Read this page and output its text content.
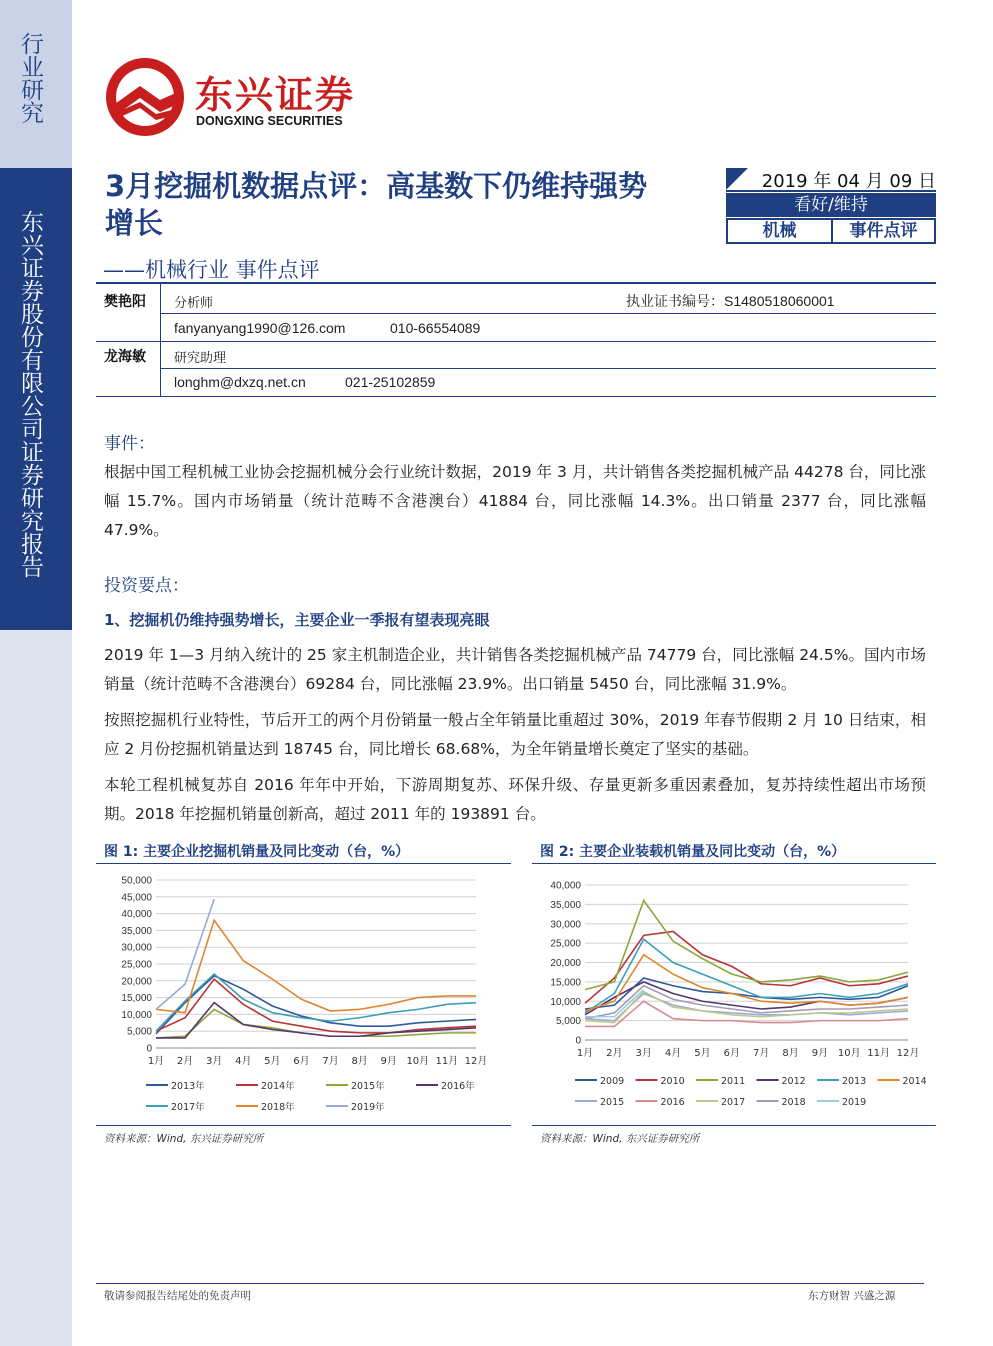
行业研究
东兴证券股份有限公司证券研究报告
东兴证券
DONGXING SECURITIES
3月挖掘机数据点评：高基数下仍维持强势增长
——机械行业 事件点评
2019 年 04 月 09 日
看好/维持
机械	事件点评
樊艳阳 分析师	执业证书编号：S1480518060001
fanyanyang1990@126.com	010-66554089
龙海敏 研究助理
longhm@dxzq.net.cn	021-25102859
事件：
根据中国工程机械工业协会挖掘机械分会行业统计数据，2019 年 3 月，共计销售各类挖掘机械产品 44278 台，同比涨幅 15.7%。国内市场销量（统计范畴不含港澳台）41884 台，同比涨幅 14.3%。出口销量 2377 台，同比涨幅 47.9%。
投资要点：
1、挖掘机仍维持强势增长，主要企业一季报有望表现亮眼
2019 年 1—3 月纳入统计的 25 家主机制造企业，共计销售各类挖掘机械产品 74779 台，同比涨幅 24.5%。国内市场销量（统计范畴不含港澳台）69284 台，同比涨幅 23.9%。出口销量 5450 台，同比涨幅 31.9%。
按照挖掘机行业特性，节后开工的两个月份销量一般占全年销量比重超过 30%，2019 年春节假期 2 月 10 日结束，相应 2 月份挖掘机销量达到 18745 台，同比增长 68.68%，为全年销量增长奠定了坚实的基础。
本轮工程机械复苏自 2016 年年中开始，下游周期复苏、环保升级、存量更新多重因素叠加，复苏持续性超出市场预期。2018 年挖掘机销量创新高，超过 2011 年的 193891 台。
图 1: 主要企业挖掘机销量及同比变动（台，%）	图 2: 主要企业装载机销量及同比变动（台，%）
0
5,000
10,000
15,000
20,000
25,000
30,000
35,000
40,000
45,000
50,000
1月 2月 3月 4月 5月 6月 7月 8月 9月 10月 11月 12月
2013年	2014年	2015年	2016年
2017年	2018年	2019年
0
5,000
10,000
15,000
20,000
25,000
30,000
35,000
40,000
1月 2月 3月 4月 5月 6月 7月 8月 9月 10月 11月 12月
2009	2010	2011	2012	2013	2014
2015	2016	2017	2018	2019
资料来源：Wind, 东兴证券研究所	资料来源：Wind, 东兴证券研究所
敬请参阅报告结尾处的免责声明	东方财智 兴盛之源
